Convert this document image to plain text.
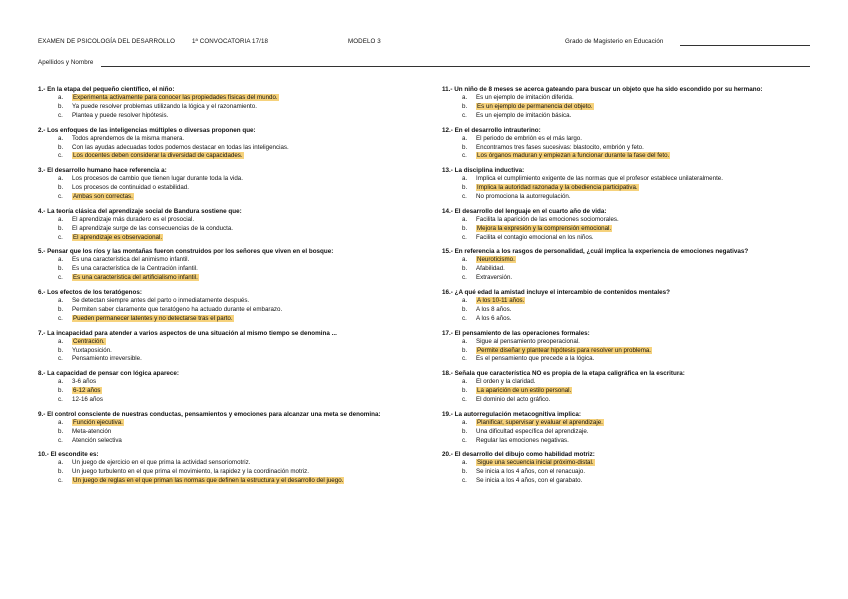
EXAMEN DE PSICOLOGÍA DEL DESARROLLO	1ª CONVOCATORIA 17/18	MODELO 3	Grado de Magisterio en Educación
Apellidos y Nombre
1.- En la etapa del pequeño científico, el niño:
a. Experimenta activamente para conocer las propiedades físicas del mundo.
b. Ya puede resolver problemas utilizando la lógica y el razonamiento.
c. Plantea y puede resolver hipótesis.
2.- Los enfoques de las inteligencias múltiples o diversas proponen que:
a. Todos aprendemos de la misma manera.
b. Con las ayudas adecuadas todos podemos destacar en todas las inteligencias.
c. Los docentes deben considerar la diversidad de capacidades.
3.- El desarrollo humano hace referencia a:
a. Los procesos de cambio que tienen lugar durante toda la vida.
b. Los procesos de continuidad o estabilidad.
c. Ambas son correctas.
4.- La teoría clásica del aprendizaje social de Bandura sostiene que:
a. El aprendizaje más duradero es el prosocial.
b. El aprendizaje surge de las consecuencias de la conducta.
c. El aprendizaje es observacional.
5.- Pensar que los ríos y las montañas fueron construidos por los señores que viven en el bosque:
a. Es una característica del animismo infantil.
b. Es una característica de la Centración infantil.
c. Es una característica del artificialismo infantil.
6.- Los efectos de los teratógenos:
a. Se detectan siempre antes del parto o inmediatamente después.
b. Permiten saber claramente que teratógeno ha actuado durante el embarazo.
c. Pueden permanecer latentes y no detectarse tras el parto.
7.- La incapacidad para atender a varios aspectos de una situación al mismo tiempo se denomina ...
a. Centración.
b. Yuxtaposición.
c. Pensamiento irreversible.
8.- La capacidad de pensar con lógica aparece:
a. 3-6 años
b. 6-12 años
c. 12-16 años
9.- El control consciente de nuestras conductas, pensamientos y emociones para alcanzar una meta se denomina:
a. Función ejecutiva.
b. Meta-atención
c. Atención selectiva
10.- El escondite es:
a. Un juego de ejercicio en el que prima la actividad sensoriomotriz.
b. Un juego turbulento en el que prima el movimiento, la rapidez y la coordinación motriz.
c. Un juego de reglas en el que priman las normas que definen la estructura y el desarrollo del juego.
11.- Un niño de 8 meses se acerca gateando para buscar un objeto que ha sido escondido por su hermano:
a. Es un ejemplo de imitación diferida.
b. Es un ejemplo de permanencia del objeto.
c. Es un ejemplo de imitación básica.
12.- En el desarrollo intrauterino:
a. El periodo de embrión es el más largo.
b. Encontramos tres fases sucesivas: blastocito, embrión y feto.
c. Los órganos maduran y empiezan a funcionar durante la fase del feto.
13.- La disciplina inductiva:
a. Implica el cumplimiento exigente de las normas que el profesor establece unilateralmente.
b. Implica la autoridad razonada y la obediencia participativa.
c. No promociona la autorregulación.
14.- El desarrollo del lenguaje en el cuarto año de vida:
a. Facilita la aparición de las emociones sociomorales.
b. Mejora la expresión y la comprensión emocional.
c. Facilita el contagio emocional en los niños.
15.- En referencia a los rasgos de personalidad, ¿cuál implica la experiencia de emociones negativas?
a. Neuroticismo.
b. Afabilidad.
c. Extraversión.
16.- ¿A qué edad la amistad incluye el intercambio de contenidos mentales?
a. A los 10-11 años.
b. A los 8 años.
c. A los 6 años.
17.- El pensamiento de las operaciones formales:
a. Sigue al pensamiento preoperacional.
b. Permite diseñar y plantear hipótesis para resolver un problema.
c. Es el pensamiento que precede a la lógica.
18.- Señala que característica NO es propia de la etapa caligráfica en la escritura:
a. El orden y la claridad.
b. La aparición de un estilo personal.
c. El dominio del acto gráfico.
19.- La autorregulación metacognitiva implica:
a. Planificar, supervisar y evaluar el aprendizaje.
b. Una dificultad específica del aprendizaje.
c. Regular las emociones negativas.
20.- El desarrollo del dibujo como habilidad motriz:
a. Sigue una secuencia inicial próximo-distal.
b. Se inicia a los 4 años, con el renacuajo.
c. Se inicia a los 4 años, con el garabato.
